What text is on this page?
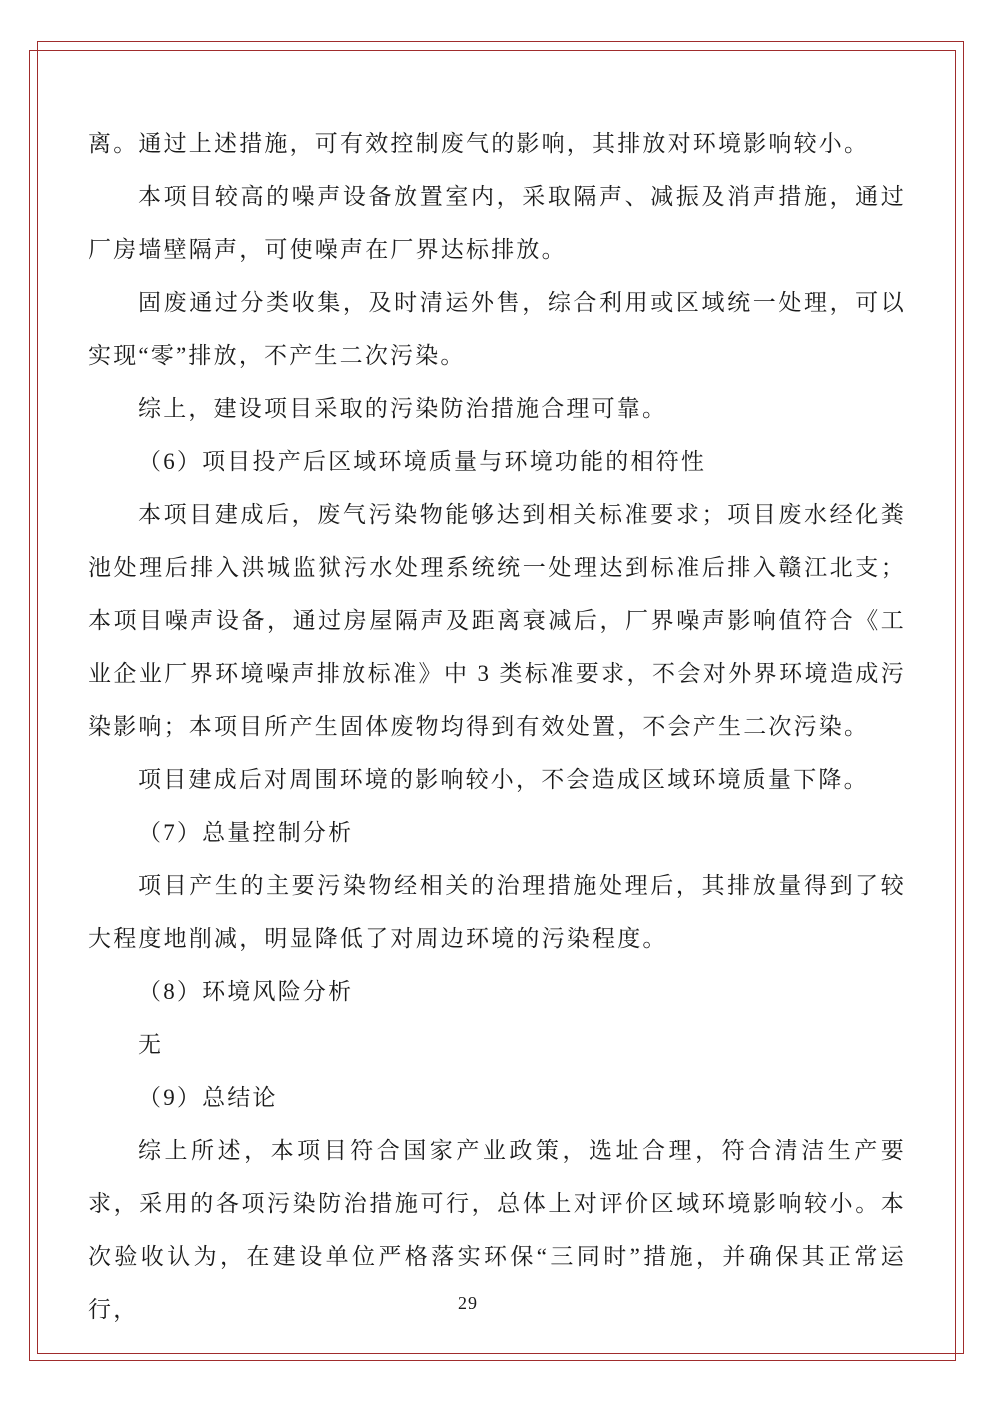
离。通过上述措施，可有效控制废气的影响，其排放对环境影响较小。

本项目较高的噪声设备放置室内，采取隔声、减振及消声措施，通过厂房墙壁隔声，可使噪声在厂界达标排放。

固废通过分类收集，及时清运外售，综合利用或区域统一处理，可以实现“零”排放，不产生二次污染。

综上，建设项目采取的污染防治措施合理可靠。

（6）项目投产后区域环境质量与环境功能的相符性

本项目建成后，废气污染物能够达到相关标准要求；项目废水经化粪池处理后排入洪城监狱污水处理系统统一处理达到标准后排入赣江北支；本项目噪声设备，通过房屋隔声及距离衰减后，厂界噪声影响值符合《工业企业厂界环境噪声排放标准》中 3 类标准要求，不会对外界环境造成污染影响；本项目所产生固体废物均得到有效处置，不会产生二次污染。

项目建成后对周围环境的影响较小，不会造成区域环境质量下降。

（7）总量控制分析

项目产生的主要污染物经相关的治理措施处理后，其排放量得到了较大程度地削减，明显降低了对周边环境的污染程度。

（8）环境风险分析

无

（9）总结论

综上所述，本项目符合国家产业政策，选址合理，符合清洁生产要求，采用的各项污染防治措施可行，总体上对评价区域环境影响较小。本次验收认为，在建设单位严格落实环保“三同时”措施，并确保其正常运行，	29
